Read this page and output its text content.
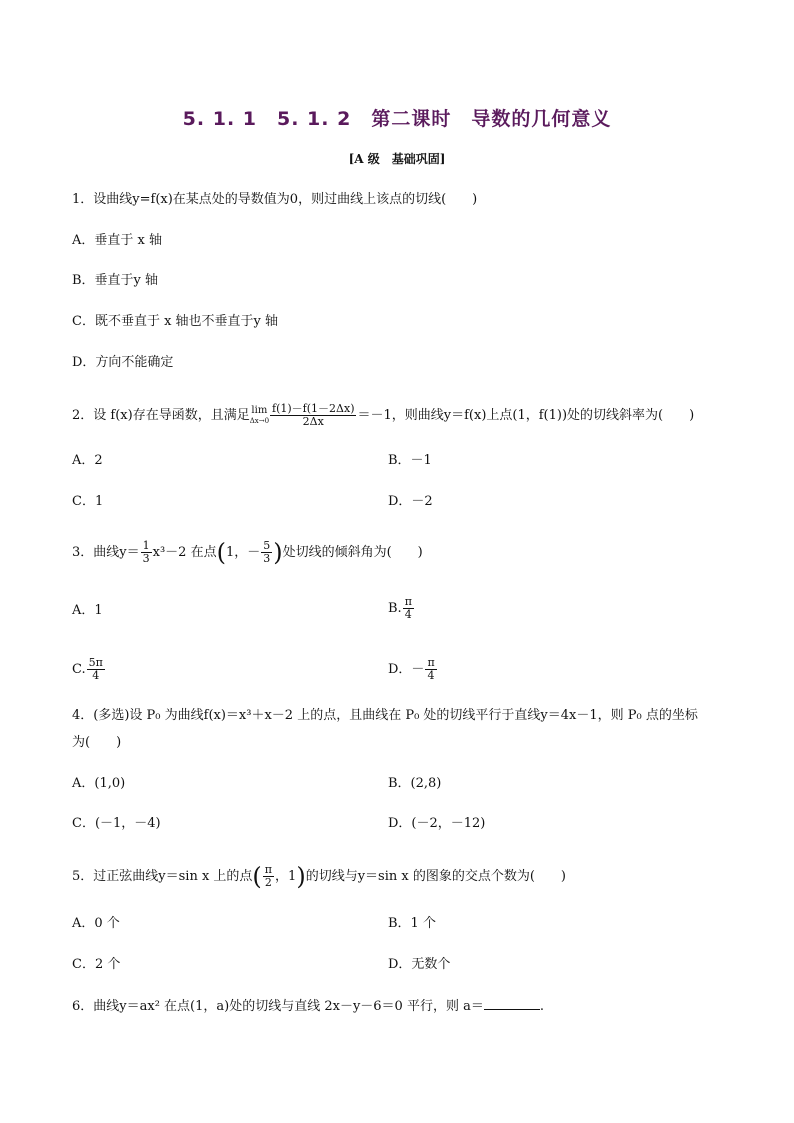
5. 1. 1　5. 1. 2　第二课时　导数的几何意义
[A 级　基础巩固]
1．设曲线y=f(x)在某点处的导数值为0，则过曲线上该点的切线(　　)
A．垂直于 x 轴
B．垂直于y 轴
C．既不垂直于 x 轴也不垂直于y 轴
D．方向不能确定
2．设 f(x)存在导函数，且满足 lim
$\Delta x\to 0 \frac{f(1)-f(1-2\Delta x)}{2\Delta x} =-1$，则曲线y＝f(x)上点(1，f(1))处的切线斜率为(　　)
A．2	B．－1
C．1	D．－2
3．曲线$y= \frac{1}{3} x^3-2$ 在点(1，－ $\frac{5}{3}$ )处切线的倾斜角为(　　)
A．1	B. $\frac{\pi}{4}$
C. $\frac{5\pi}{4}$	D．－ $\frac{\pi}{4}$
4．(多选)设 P₀ 为曲线f(x)＝x³＋x－2 上的点，且曲线在 P₀ 处的切线平行于直线y＝4x－1，则 P₀ 点的坐标
为(　　)
A．(1,0)	B．(2,8)
C．(－1，－4)	D．(－2，－12)
5．过正弦曲线y＝sin x 上的点( $\frac{\pi}{2}$ ，1)的切线与y＝sin x 的图象的交点个数为(　　)
A．0 个	B．1 个
C．2 个	D．无数个
6．曲线y＝ax² 在点(1，a)处的切线与直线 2x－y－6＝0 平行，则 a＝	.
